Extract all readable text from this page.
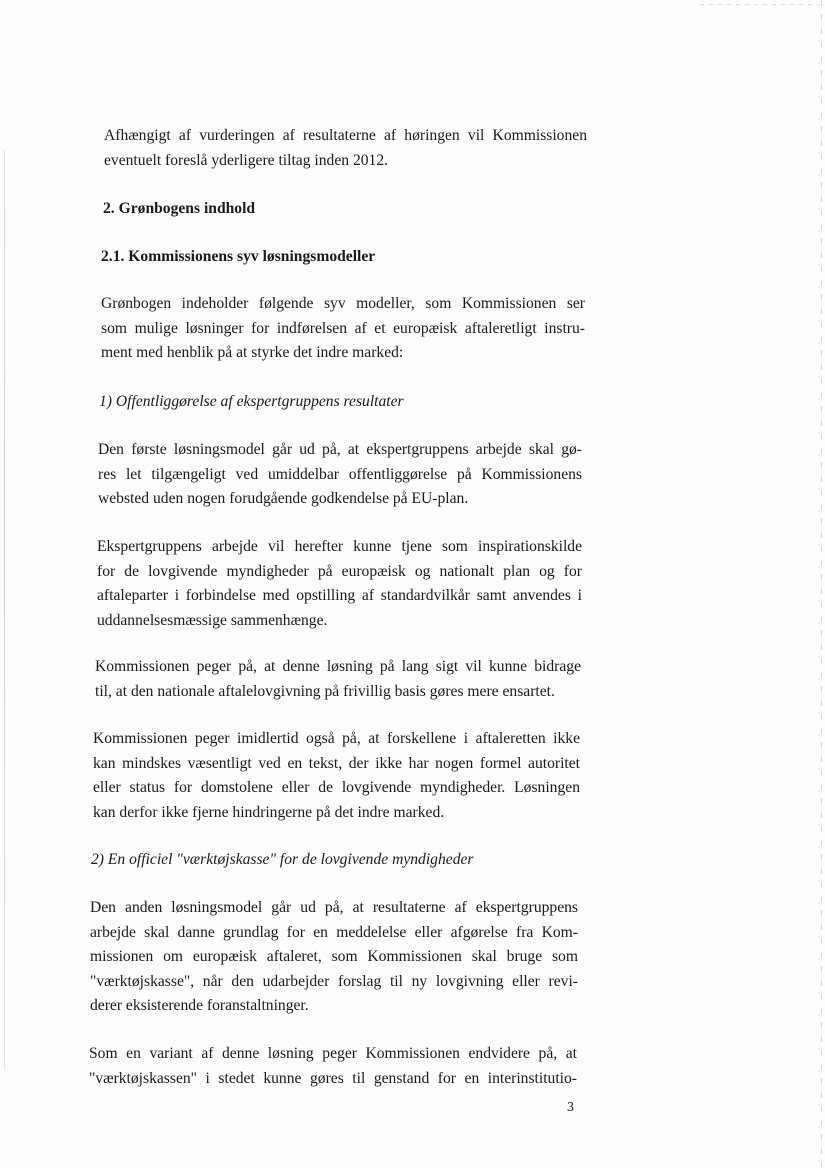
Afhængigt af vurderingen af resultaterne af høringen vil Kommissionen
eventuelt foreslå yderligere tiltag inden 2012.
2. Grønbogens indhold
2.1. Kommissionens syv løsningsmodeller
Grønbogen indeholder følgende syv modeller, som Kommissionen ser
som mulige løsninger for indførelsen af et europæisk aftaleretligt instru-
ment med henblik på at styrke det indre marked:
1) Offentliggørelse af ekspertgruppens resultater
Den første løsningsmodel går ud på, at ekspertgruppens arbejde skal gø-
res let tilgængeligt ved umiddelbar offentliggørelse på Kommissionens
websted uden nogen forudgående godkendelse på EU-plan.
Ekspertgruppens arbejde vil herefter kunne tjene som inspirationskilde
for de lovgivende myndigheder på europæisk og nationalt plan og for
aftaleparter i forbindelse med opstilling af standardvilkår samt anvendes i
uddannelsesmæssige sammenhænge.
Kommissionen peger på, at denne løsning på lang sigt vil kunne bidrage
til, at den nationale aftalelovgivning på frivillig basis gøres mere ensartet.
Kommissionen peger imidlertid også på, at forskellene i aftaleretten ikke
kan mindskes væsentligt ved en tekst, der ikke har nogen formel autoritet
eller status for domstolene eller de lovgivende myndigheder. Løsningen
kan derfor ikke fjerne hindringerne på det indre marked.
2) En officiel "værktøjskasse" for de lovgivende myndigheder
Den anden løsningsmodel går ud på, at resultaterne af ekspertgruppens
arbejde skal danne grundlag for en meddelelse eller afgørelse fra Kom-
missionen om europæisk aftaleret, som Kommissionen skal bruge som
"værktøjskasse", når den udarbejder forslag til ny lovgivning eller revi-
derer eksisterende foranstaltninger.
Som en variant af denne løsning peger Kommissionen endvidere på, at
"værktøjskassen" i stedet kunne gøres til genstand for en interinstitutio-
3
